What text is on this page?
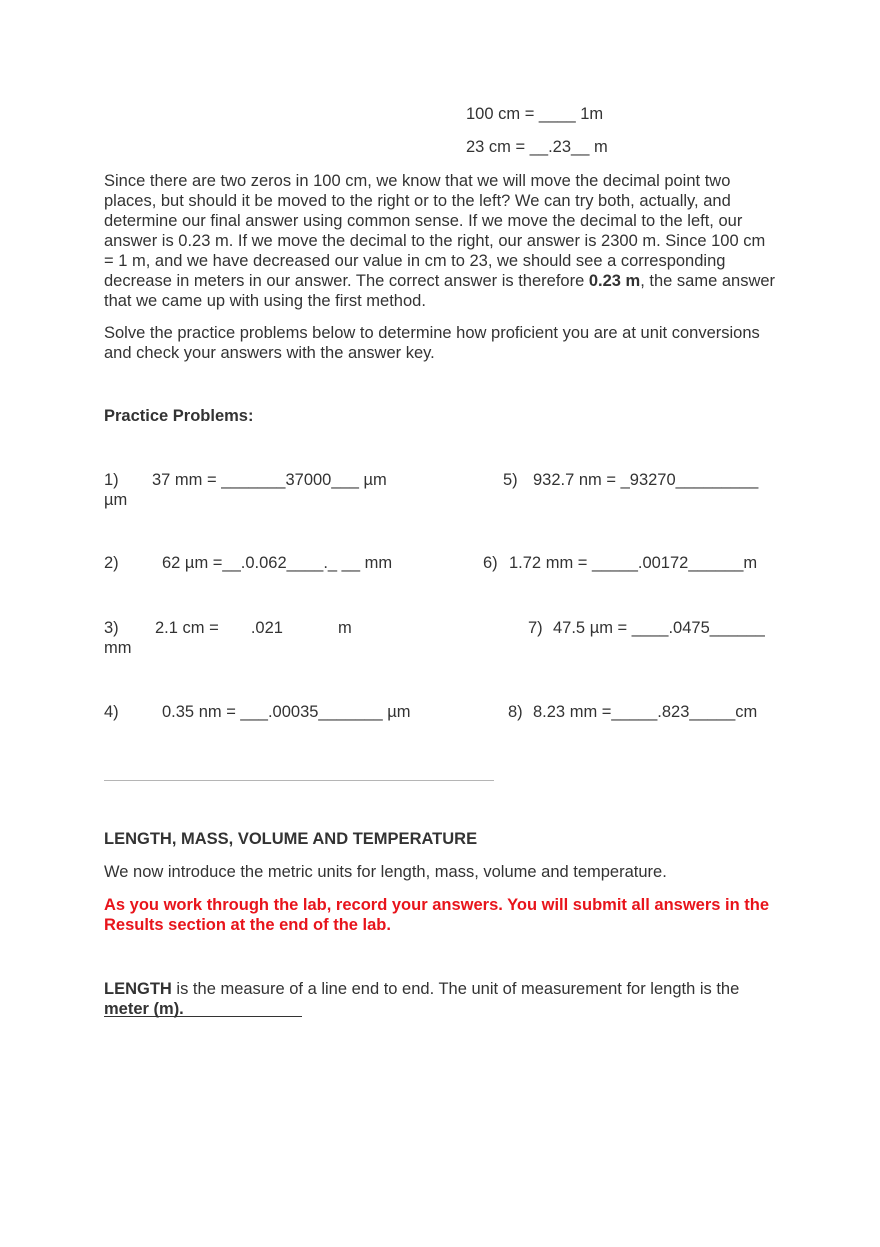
100 cm = ____ 1m
23 cm = __.23__ m
Since there are two zeros in 100 cm, we know that we will move the decimal point two places, but should it be moved to the right or to the left? We can try both, actually, and determine our final answer using common sense. If we move the decimal to the left, our answer is 0.23 m. If we move the decimal to the right, our answer is 2300 m. Since 100 cm = 1 m, and we have decreased our value in cm to 23, we should see a corresponding decrease in meters in our answer. The correct answer is therefore 0.23 m, the same answer that we came up with using the first method.
Solve the practice problems below to determine how proficient you are at unit conversions and check your answers with the answer key.
Practice Problems:
1) 37 mm = _______37000___ µm	5) 932.7 nm = _93270_________
µm
2)	62 µm =__.0.062____._ __ mm	6) 1.72 mm = _____.00172______m
3) 2.1 cm =       .021            m	7) 47.5 µm = ____.0475______
mm
4)	0.35 nm = ___.00035_______ µm	8) 8.23 mm =_____.823_____cm
LENGTH, MASS, VOLUME AND TEMPERATURE
We now introduce the metric units for length, mass, volume and temperature.
As you work through the lab, record your answers. You will submit all answers in the Results section at the end of the lab.
LENGTH is the measure of a line end to end. The unit of measurement for length is the
meter (m).
